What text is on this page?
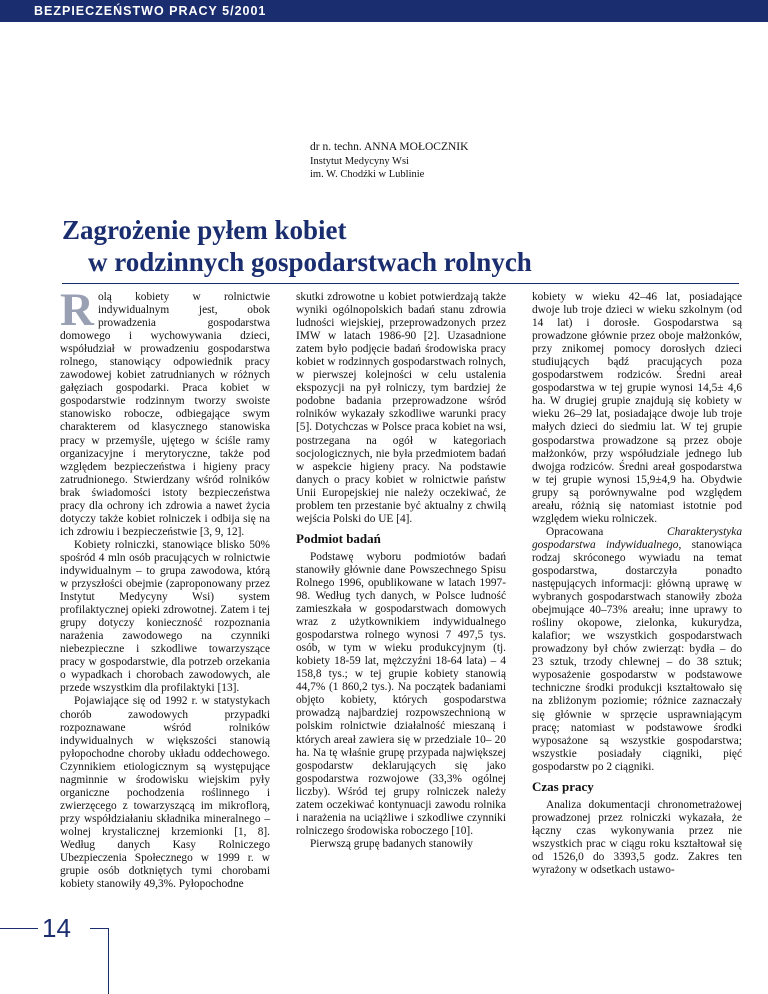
BEZPIECZEŃSTWO PRACY 5/2001
dr n. techn. ANNA MOŁOCZNIK
Instytut Medycyny Wsi
im. W. Chodźki w Lublinie
Zagrożenie pyłem kobiet
w rodzinnych gospodarstwach rolnych

Rolą kobiety w rolnictwie indywidualnym jest, obok prowadzenia gospodarstwa domowego i wychowywania dzieci, współudział w prowadzeniu gospodarstwa rolnego, stanowiący odpowiednik pracy zawodowej kobiet zatrudnianych w różnych gałęziach gospodarki. Praca kobiet w gospodarstwie rodzinnym tworzy swoiste stanowisko robocze, odbiegające swym charakterem od klasycznego stanowiska pracy w przemyśle, ujętego w ściśle ramy organizacyjne i merytoryczne, także pod względem bezpieczeństwa i higieny pracy zatrudnionego. Stwierdzany wśród rolników brak świadomości istoty bezpieczeństwa pracy dla ochrony ich zdrowia a nawet życia dotyczy także kobiet rolniczek i odbija się na ich zdrowiu i bezpieczeństwie [3, 9, 12].

Kobiety rolniczki, stanowiące blisko 50% spośród 4 mln osób pracujących w rolnictwie indywidualnym – to grupa zawodowa, którą w przyszłości obejmie (zaproponowany przez Instytut Medycyny Wsi) system profilaktycznej opieki zdrowotnej. Zatem i tej grupy dotyczy konieczność rozpoznania narażenia zawodowego na czynniki niebezpieczne i szkodliwe towarzyszące pracy w gospodarstwie, dla potrzeb orzekania o wypadkach i chorobach zawodowych, ale przede wszystkim dla profilaktyki [13].

Pojawiające się od 1992 r. w statystykach chorób zawodowych przypadki rozpoznawane wśród rolników indywidualnych w większości stanowią pyłopochodne choroby układu oddechowego. Czynnikiem etiologicznym są występujące nagminnie w środowisku wiejskim pyły organiczne pochodzenia roślinnego i zwierzęcego z towarzyszącą im mikroflorą, przy współdziałaniu składnika mineralnego – wolnej krystalicznej krzemionki [1, 8]. Według danych Kasy Rolniczego Ubezpieczenia Społecznego w 1999 r. w grupie osób dotkniętych tymi chorobami kobiety stanowiły 49,3%. Pyłopochodne

skutki zdrowotne u kobiet potwierdzają także wyniki ogólnopolskich badań stanu zdrowia ludności wiejskiej, przeprowadzonych przez IMW w latach 1986-90 [2]. Uzasadnione zatem było podjęcie badań środowiska pracy kobiet w rodzinnych gospodarstwach rolnych, w pierwszej kolejności w celu ustalenia ekspozycji na pył rolniczy, tym bardziej że podobne badania przeprowadzone wśród rolników wykazały szkodliwe warunki pracy [5]. Dotychczas w Polsce praca kobiet na wsi, postrzegana na ogół w kategoriach socjologicznych, nie była przedmiotem badań w aspekcie higieny pracy. Na podstawie danych o pracy kobiet w rolnictwie państw Unii Europejskiej nie należy oczekiwać, że problem ten przestanie być aktualny z chwilą wejścia Polski do UE [4].

Podmiot badań

Podstawę wyboru podmiotów badań stanowiły głównie dane Powszechnego Spisu Rolnego 1996, opublikowane w latach 1997-98. Według tych danych, w Polsce ludność zamieszkała w gospodarstwach domowych wraz z użytkownikiem indywidualnego gospodarstwa rolnego wynosi 7 497,5 tys. osób, w tym w wieku produkcyjnym (tj. kobiety 18-59 lat, mężczyźni 18-64 lata) – 4 158,8 tys.; w tej grupie kobiety stanowią 44,7% (1 860,2 tys.). Na początek badaniami objęto kobiety, których gospodarstwa prowadzą najbardziej rozpowszechnioną w polskim rolnictwie działalność mieszaną i których areał zawiera się w przedziale 10– 20 ha. Na tę właśnie grupę przypada największej gospodarstw deklarujących się jako gospodarstwa rozwojowe (33,3% ogólnej liczby). Wśród tej grupy rolniczek należy zatem oczekiwać kontynuacji zawodu rolnika i narażenia na uciążliwe i szkodliwe czynniki rolniczego środowiska roboczego [10].

Pierwszą grupę badanych stanowiły

kobiety w wieku 42–46 lat, posiadające dwoje lub troje dzieci w wieku szkolnym (od 14 lat) i dorosłe. Gospodarstwa są prowadzone głównie przez oboje małżonków, przy znikomej pomocy dorosłych dzieci studiujących bądź pracujących poza gospodarstwem rodziców. Średni areał gospodarstwa w tej grupie wynosi 14,5± 4,6 ha. W drugiej grupie znajdują się kobiety w wieku 26–29 lat, posiadające dwoje lub troje małych dzieci do siedmiu lat. W tej grupie gospodarstwa prowadzone są przez oboje małżonków, przy współudziale jednego lub dwojga rodziców. Średni areał gospodarstwa w tej grupie wynosi 15,9±4,9 ha. Obydwie grupy są porównywalne pod względem areału, różnią się natomiast istotnie pod względem wieku rolniczek.

Opracowana Charakterystyka gospodarstwa indywidualnego, stanowiąca rodzaj skróconego wywiadu na temat gospodarstwa, dostarczyła ponadto następujących informacji: główną uprawę w wybranych gospodarstwach stanowiły zboża obejmujące 40–73% areału; inne uprawy to rośliny okopowe, zielonka, kukurydza, kalafior; we wszystkich gospodarstwach prowadzony był chów zwierząt: bydła – do 23 sztuk, trzody chlewnej – do 38 sztuk; wyposażenie gospodarstw w podstawowe techniczne środki produkcji kształtowało się na zbliżonym poziomie; różnice zaznaczały się głównie w sprzęcie usprawniającym pracę; natomiast w podstawowe środki wyposażone są wszystkie gospodarstwa; wszystkie posiadały ciągniki, pięć gospodarstw po 2 ciągniki.

Czas pracy

Analiza dokumentacji chronometrażowej prowadzonej przez rolniczki wykazała, że łączny czas wykonywania przez nie wszystkich prac w ciągu roku kształtował się od 1526,0 do 3393,5 godz. Zakres ten wyrażony w odsetkach ustawo-

14
